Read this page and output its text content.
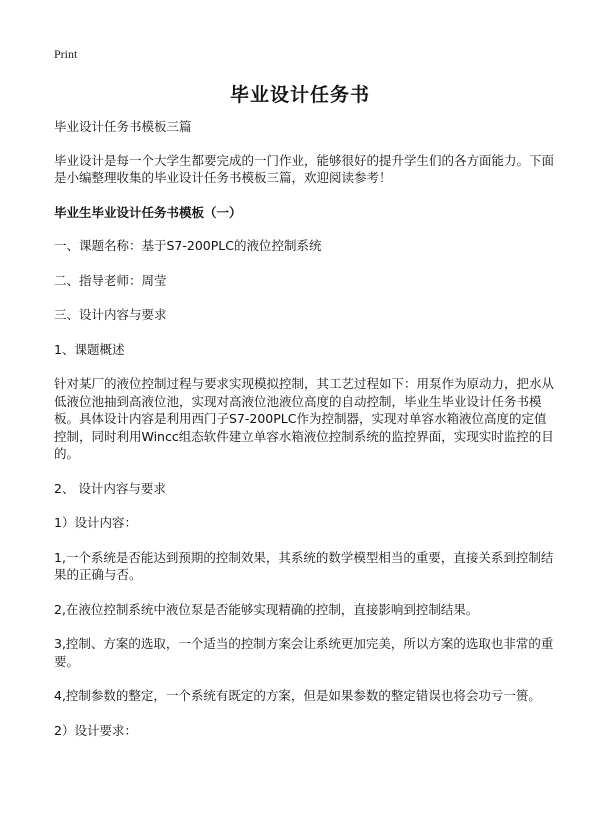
Print
毕业设计任务书

毕业设计任务书模板三篇

毕业设计是每一个大学生都要完成的一门作业，能够很好的提升学生们的各方面能力。下面是小编整理收集的毕业设计任务书模板三篇，欢迎阅读参考！

毕业生毕业设计任务书模板（一）

一、课题名称：基于S7-200PLC的液位控制系统

二、指导老师：周莹

三、设计内容与要求

1、课题概述

针对某厂的液位控制过程与要求实现模拟控制，其工艺过程如下：用泵作为原动力，把水从低液位池抽到高液位池，实现对高液位池液位高度的自动控制，毕业生毕业设计任务书模板。具体设计内容是利用西门子S7-200PLC作为控制器，实现对单容水箱液位高度的定值控制，同时利用Wincc组态软件建立单容水箱液位控制系统的监控界面，实现实时监控的目的。

2、 设计内容与要求

1）设计内容：

1,一个系统是否能达到预期的控制效果，其系统的数学模型相当的重要，直接关系到控制结果的正确与否。

2,在液位控制系统中液位泵是否能够实现精确的控制，直接影响到控制结果。

3,控制、方案的选取，一个适当的控制方案会让系统更加完美，所以方案的选取也非常的重要。

4,控制参数的整定，一个系统有既定的方案，但是如果参数的整定错误也将会功亏一篑。

2）设计要求：
